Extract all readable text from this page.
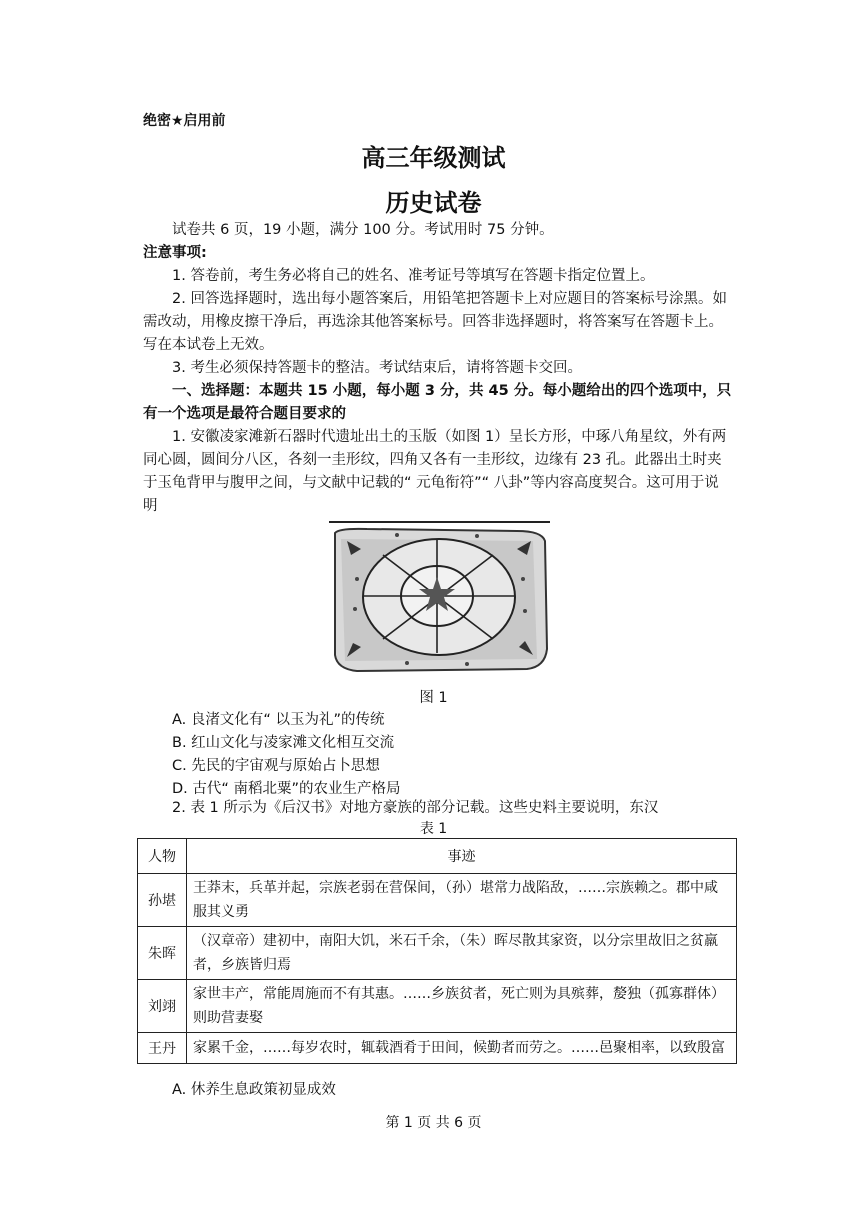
绝密★启用前
高三年级测试
历史试卷
试卷共 6 页，19 小题，满分 100 分。考试用时 75 分钟。
注意事项:
1. 答卷前，考生务必将自己的姓名、准考证号等填写在答题卡指定位置上。
2. 回答选择题时，选出每小题答案后，用铅笔把答题卡上对应题目的答案标号涂黑。如需改动，用橡皮擦干净后，再选涂其他答案标号。回答非选择题时，将答案写在答题卡上。写在本试卷上无效。
3. 考生必须保持答题卡的整洁。考试结束后，请将答题卡交回。
一、选择题：本题共 15 小题，每小题 3 分，共 45 分。每小题给出的四个选项中，只有一个选项是最符合题目要求的
1. 安徽凌家滩新石器时代遗址出土的玉版（如图 1）呈长方形，中琢八角星纹，外有两同心圆，圆间分八区，各刻一圭形纹，四角又各有一圭形纹，边缘有 23 孔。此器出土时夹于玉龟背甲与腹甲之间，与文献中记载的“ 元龟衔符”“ 八卦”等内容高度契合。这可用于说明
图 1
A. 良渚文化有“ 以玉为礼”的传统
B. 红山文化与凌家滩文化相互交流
C. 先民的宇宙观与原始占卜思想
D. 古代“ 南稻北粟”的农业生产格局
2. 表 1 所示为《后汉书》对地方豪族的部分记载。这些史料主要说明，东汉
表 1
人物	事迹
孙堪	王莽末，兵革并起，宗族老弱在营保间，（孙）堪常力战陷敌，……宗族赖之。郡中咸服其义勇
朱晖	（汉章帝）建初中，南阳大饥，米石千余，（朱）晖尽散其家资，以分宗里故旧之贫羸者，乡族皆归焉
刘翊	家世丰产，常能周施而不有其惠。……乡族贫者，死亡则为具殡葬，嫠独（孤寡群体）则助营妻娶
王丹	家累千金，……每岁农时，辄载酒肴于田间，候勤者而劳之。……邑聚相率，以致殷富
A. 休养生息政策初显成效
第 1 页 共 6 页
